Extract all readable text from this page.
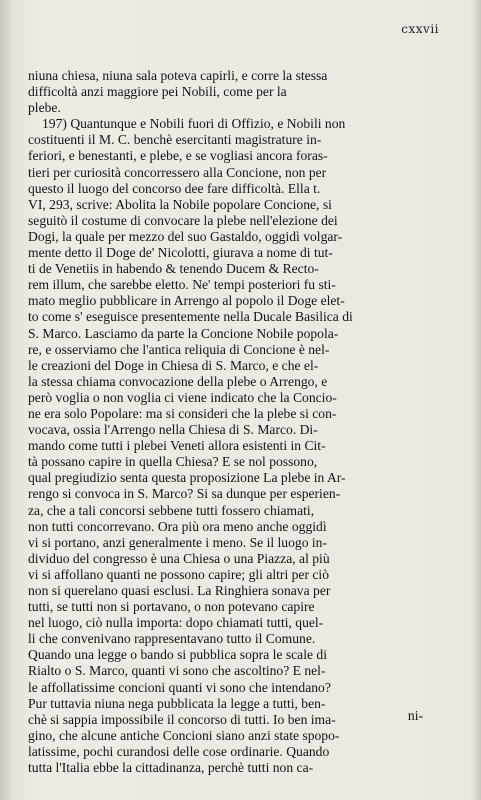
cxxvii
niuna chiesa, niuna sala poteva capirli, e corre la stessa
difficoltà anzi maggiore pei Nobili, come per la
plebe.
197) Quantunque e Nobili fuori di Offizio, e Nobili non
costituenti il M. C. benchè esercitanti magistrature in-
feriori, e benestanti, e plebe, e se vogliasi ancora foras-
tieri per curiosità concorressero alla Concione, non per
questo il luogo del concorso dee fare difficoltà. Ella t.
VI, 293, scrive: Abolita la Nobile popolare Concione, si
seguitò il costume di convocare la plebe nell'elezione dei
Dogi, la quale per mezzo del suo Gastaldo, oggidì volgar-
mente detto il Doge de' Nicolotti, giurava a nome di tut-
ti de Venetiis in habendo & tenendo Ducem & Recto-
rem illum, che sarebbe eletto. Ne' tempi posteriori fu sti-
mato meglio pubblicare in Arrengo al popolo il Doge elet-
to come s' eseguisce presentemente nella Ducale Basilica di
S. Marco. Lasciamo da parte la Concione Nobile popola-
re, e osserviamo che l'antica reliquia di Concione è nel-
le creazioni del Doge in Chiesa di S. Marco, e che el-
la stessa chiama convocazione della plebe o Arrengo, e
però voglia o non voglia ci viene indicato che la Concio-
ne era solo Popolare: ma si consideri che la plebe si con-
vocava, ossia l'Arrengo nella Chiesa di S. Marco. Di-
mando come tutti i plebei Veneti allora esistenti in Cit-
tà possano capire in quella Chiesa? E se nol possono,
qual pregiudizio senta questa proposizione La plebe in Ar-
rengo si convoca in S. Marco? Si sa dunque per esperien-
za, che a tali concorsi sebbene tutti fossero chiamati,
non tutti concorrevano. Ora più ora meno anche oggidì
vi si portano, anzi generalmente i meno. Se il luogo in-
dividuo del congresso è una Chiesa o una Piazza, al più
vi si affollano quanti ne possono capire; gli altri per ciò
non si querelano quasi esclusi. La Ringhiera sonava per
tutti, se tutti non si portavano, o non potevano capire
nel luogo, ciò nulla importa: dopo chiamati tutti, quel-
li che convenivano rappresentavano tutto il Comune.
Quando una legge o bando si pubblica sopra le scale di
Rialto o S. Marco, quanti vi sono che ascoltino? E nel-
le affollatissime concioni quanti vi sono che intendano?
Pur tuttavia niuna nega pubblicata la legge a tutti, ben-
chè si sappia impossibile il concorso di tutti. Io ben ima-
gino, che alcune antiche Concioni siano anzi state spopo-
latissime, pochi curandosi delle cose ordinarie. Quando
tutta l'Italia ebbe la cittadinanza, perchè tutti non ca-
ni-
